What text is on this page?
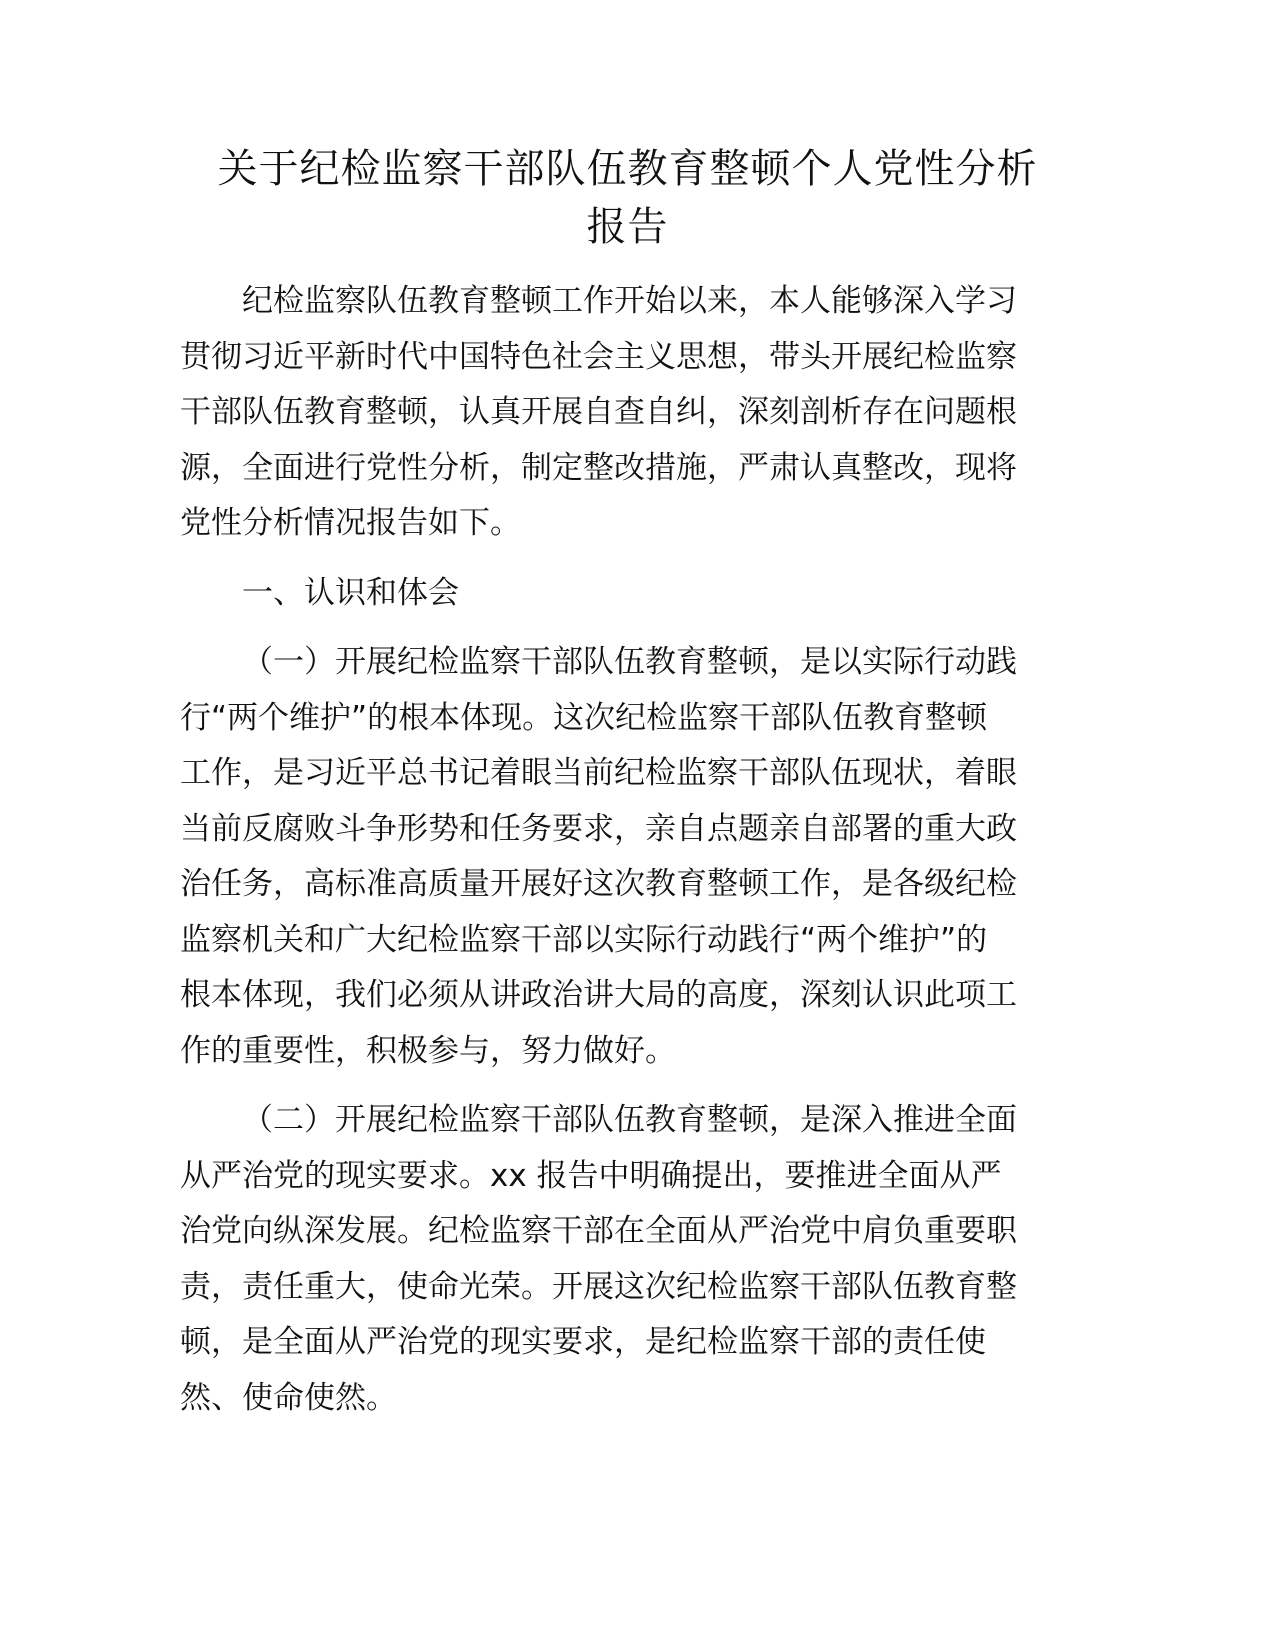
关于纪检监察干部队伍教育整顿个人党性分析
报告
纪检监察队伍教育整顿工作开始以来，本人能够深入学习
贯彻习近平新时代中国特色社会主义思想，带头开展纪检监察
干部队伍教育整顿，认真开展自查自纠，深刻剖析存在问题根
源，全面进行党性分析，制定整改措施，严肃认真整改，现将
党性分析情况报告如下。
一、认识和体会
（一）开展纪检监察干部队伍教育整顿，是以实际行动践
行“两个维护”的根本体现。这次纪检监察干部队伍教育整顿
工作，是习近平总书记着眼当前纪检监察干部队伍现状，着眼
当前反腐败斗争形势和任务要求，亲自点题亲自部署的重大政
治任务，高标准高质量开展好这次教育整顿工作，是各级纪检
监察机关和广大纪检监察干部以实际行动践行“两个维护”的
根本体现，我们必须从讲政治讲大局的高度，深刻认识此项工
作的重要性，积极参与，努力做好。
（二）开展纪检监察干部队伍教育整顿，是深入推进全面
从严治党的现实要求。xx 报告中明确提出，要推进全面从严
治党向纵深发展。纪检监察干部在全面从严治党中肩负重要职
责，责任重大，使命光荣。开展这次纪检监察干部队伍教育整
顿，是全面从严治党的现实要求，是纪检监察干部的责任使
然、使命使然。
